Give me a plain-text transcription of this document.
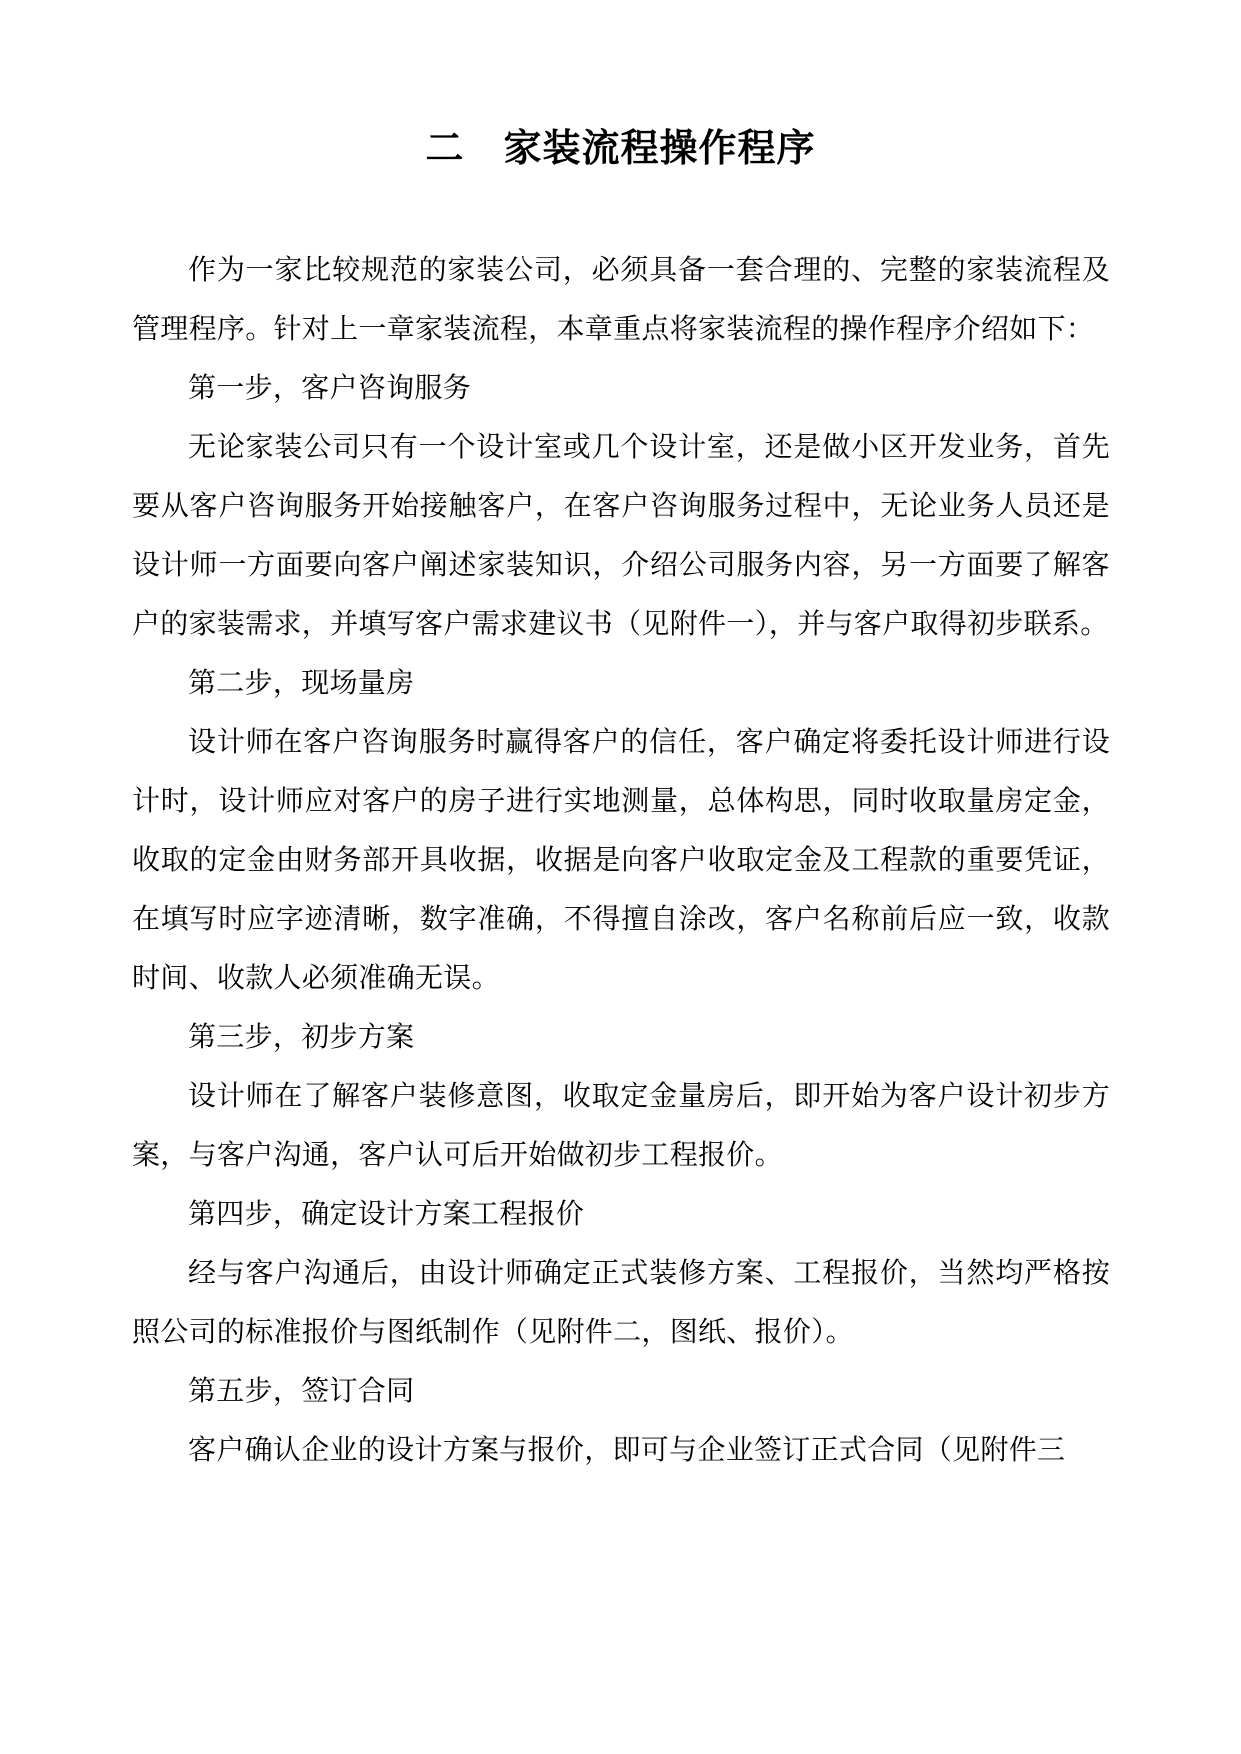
二　家装流程操作程序

作为一家比较规范的家装公司，必须具备一套合理的、完整的家装流程及管理程序。针对上一章家装流程，本章重点将家装流程的操作程序介绍如下：

第一步，客户咨询服务

无论家装公司只有一个设计室或几个设计室，还是做小区开发业务，首先要从客户咨询服务开始接触客户，在客户咨询服务过程中，无论业务人员还是设计师一方面要向客户阐述家装知识，介绍公司服务内容，另一方面要了解客户的家装需求，并填写客户需求建议书（见附件一），并与客户取得初步联系。

第二步，现场量房

设计师在客户咨询服务时赢得客户的信任，客户确定将委托设计师进行设计时，设计师应对客户的房子进行实地测量，总体构思，同时收取量房定金，收取的定金由财务部开具收据，收据是向客户收取定金及工程款的重要凭证，在填写时应字迹清晰，数字准确，不得擅自涂改，客户名称前后应一致，收款时间、收款人必须准确无误。

第三步，初步方案

设计师在了解客户装修意图，收取定金量房后，即开始为客户设计初步方案，与客户沟通，客户认可后开始做初步工程报价。

第四步，确定设计方案工程报价

经与客户沟通后，由设计师确定正式装修方案、工程报价，当然均严格按照公司的标准报价与图纸制作（见附件二，图纸、报价）。

第五步，签订合同

客户确认企业的设计方案与报价，即可与企业签订正式合同（见附件三
